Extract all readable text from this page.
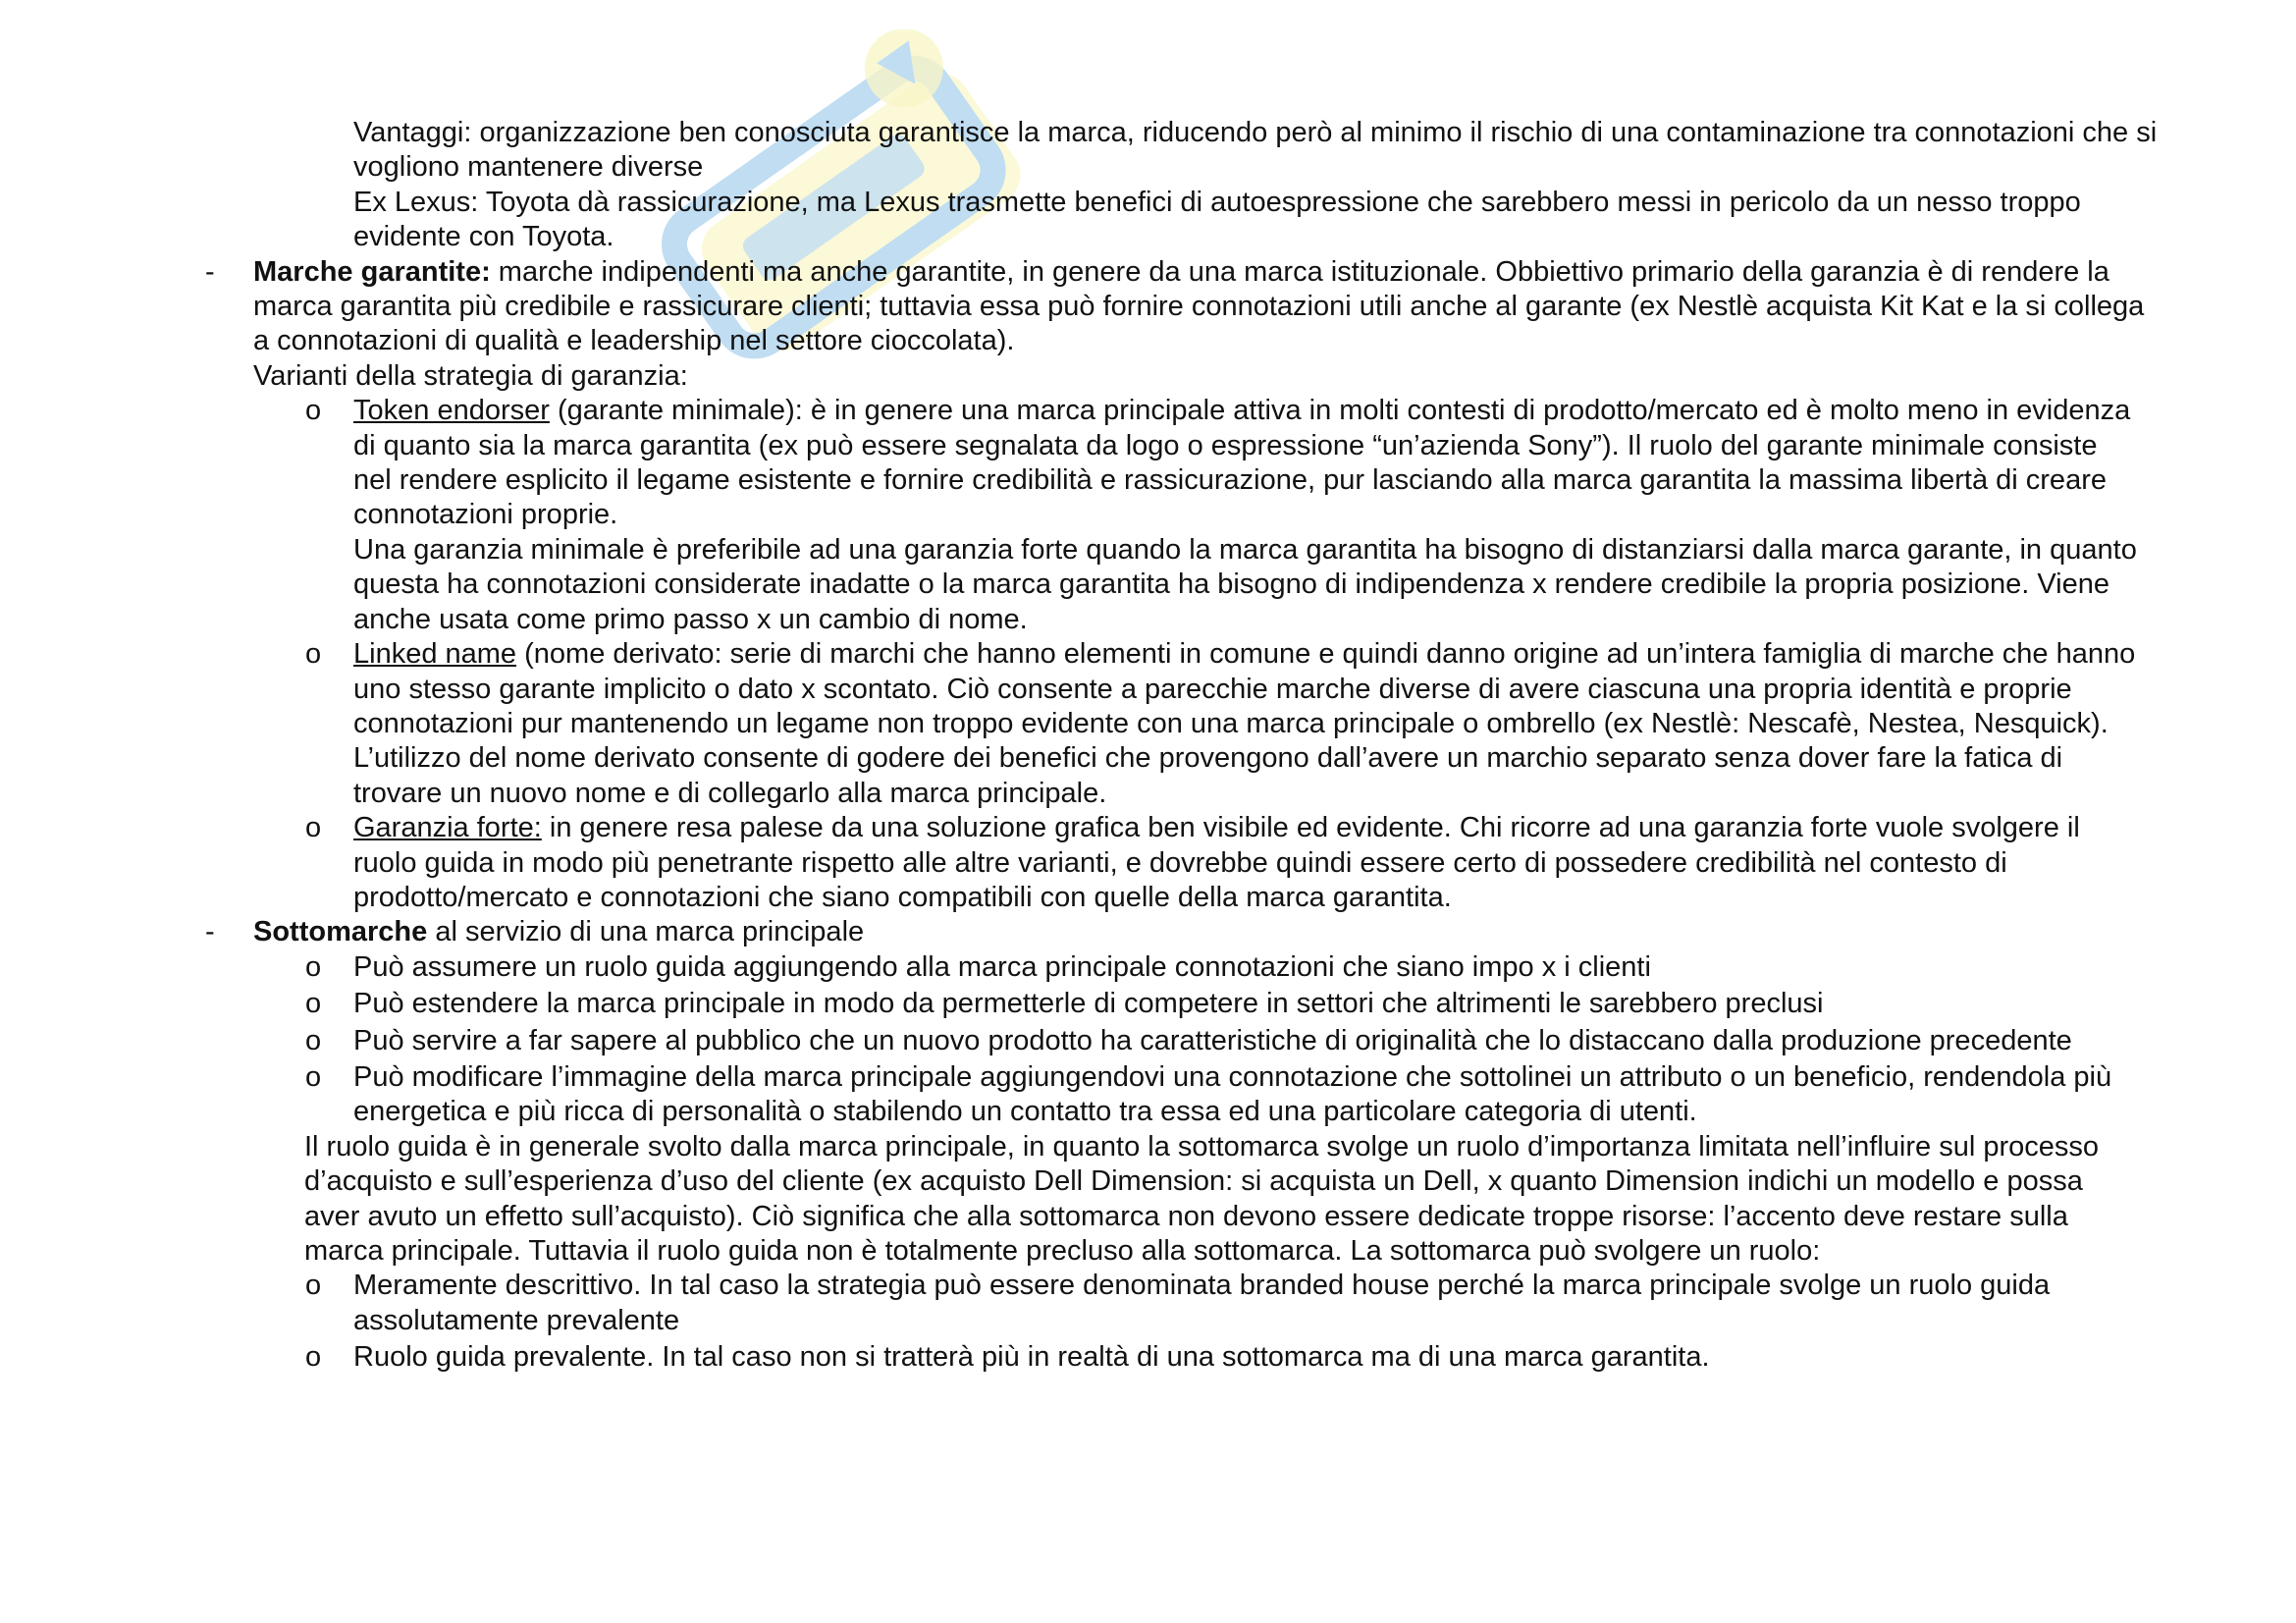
Vantaggi: organizzazione ben conosciuta garantisce la marca, riducendo però al minimo il rischio di una contaminazione tra connotazioni che si vogliono mantenere diverse

Ex Lexus: Toyota dà rassicurazione, ma Lexus trasmette benefici di autoespressione che sarebbero messi in pericolo da un nesso troppo evidente con Toyota.

- Marche garantite: marche indipendenti ma anche garantite, in genere da una marca istituzionale. Obbiettivo primario della garanzia è di rendere la marca garantita più credibile e rassicurare clienti; tuttavia essa può fornire connotazioni utili anche al garante (ex Nestlè acquista Kit Kat e la si collega a connotazioni di qualità e leadership nel settore cioccolata).
Varianti della strategia di garanzia:
o Token endorser (garante minimale): è in genere una marca principale attiva in molti contesti di prodotto/mercato ed è molto meno in evidenza di quanto sia la marca garantita (ex può essere segnalata da logo o espressione “un’azienda Sony”). Il ruolo del garante minimale consiste nel rendere esplicito il legame esistente e fornire credibilità e rassicurazione, pur lasciando alla marca garantita la massima libertà di creare connotazioni proprie.
Una garanzia minimale è preferibile ad una garanzia forte quando la marca garantita ha bisogno di distanziarsi dalla marca garante, in quanto questa ha connotazioni considerate inadatte o la marca garantita ha bisogno di indipendenza x rendere credibile la propria posizione. Viene anche usata come primo passo x un cambio di nome.
o Linked name (nome derivato: serie di marchi che hanno elementi in comune e quindi danno origine ad un’intera famiglia di marche che hanno uno stesso garante implicito o dato x scontato. Ciò consente a parecchie marche diverse di avere ciascuna una propria identità e proprie connotazioni pur mantenendo un legame non troppo evidente con una marca principale o ombrello (ex Nestlè: Nescafè, Nestea, Nesquick).
L’utilizzo del nome derivato consente di godere dei benefici che provengono dall’avere un marchio separato senza dover fare la fatica di trovare un nuovo nome e di collegarlo alla marca principale.
o Garanzia forte: in genere resa palese da una soluzione grafica ben visibile ed evidente. Chi ricorre ad una garanzia forte vuole svolgere il ruolo guida in modo più penetrante rispetto alle altre varianti, e dovrebbe quindi essere certo di possedere credibilità nel contesto di prodotto/mercato e connotazioni che siano compatibili con quelle della marca garantita.
- Sottomarche al servizio di una marca principale
o Può assumere un ruolo guida aggiungendo alla marca principale connotazioni che siano impo x i clienti
o Può estendere la marca principale in modo da permetterle di competere in settori che altrimenti le sarebbero preclusi
o Può servire a far sapere al pubblico che un nuovo prodotto ha caratteristiche di originalità che lo distaccano dalla produzione precedente
o Può modificare l’immagine della marca principale aggiungendovi una connotazione che sottolinei un attributo o un beneficio, rendendola più energetica e più ricca di personalità o stabilendo un contatto tra essa ed una particolare categoria di utenti.

Il ruolo guida è in generale svolto dalla marca principale, in quanto la sottomarca svolge un ruolo d’importanza limitata nell’influire sul processo d’acquisto e sull’esperienza d’uso del cliente (ex acquisto Dell Dimension: si acquista un Dell, x quanto Dimension indichi un modello e possa aver avuto un effetto sull’acquisto). Ciò significa che alla sottomarca non devono essere dedicate troppe risorse: l’accento deve restare sulla marca principale. Tuttavia il ruolo guida non è totalmente precluso alla sottomarca. La sottomarca può svolgere un ruolo:

o Meramente descrittivo. In tal caso la strategia può essere denominata branded house perché la marca principale svolge un ruolo guida assolutamente prevalente
o Ruolo guida prevalente. In tal caso non si tratterà più in realtà di una sottomarca ma di una marca garantita.
